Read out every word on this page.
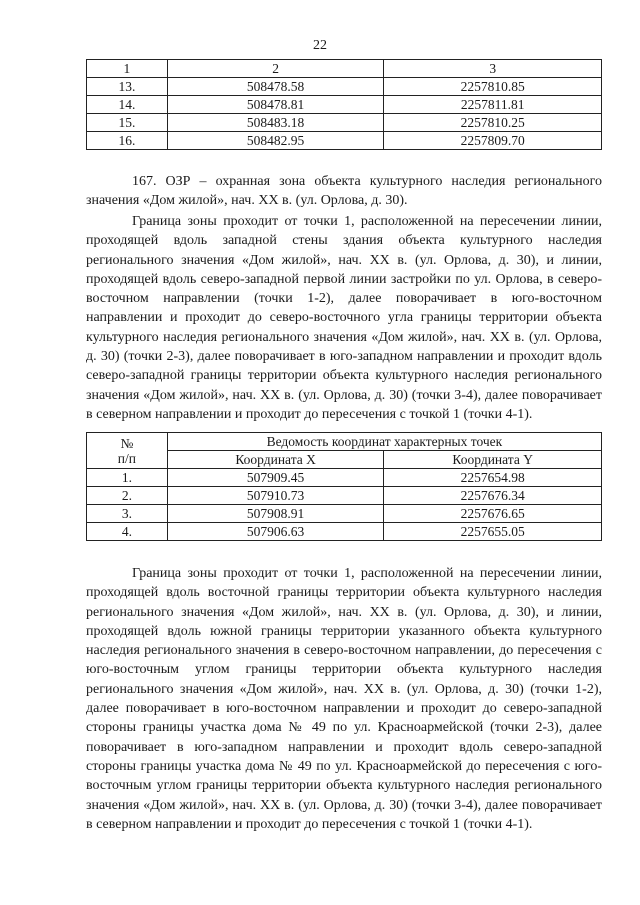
22
1	2	3
13.	508478.58	2257810.85
14.	508478.81	2257811.81
15.	508483.18	2257810.25
16.	508482.95	2257809.70

167. ОЗР – охранная зона объекта культурного наследия регионального значения «Дом жилой», нач. XX в. (ул. Орлова, д. 30).

Граница зоны проходит от точки 1, расположенной на пересечении линии, проходящей вдоль западной стены здания объекта культурного наследия регионального значения «Дом жилой», нач. XX в. (ул. Орлова, д. 30), и линии, проходящей вдоль северо-западной первой линии застройки по ул. Орлова, в северо-восточном направлении (точки 1-2), далее поворачивает в юго-восточном направлении и проходит до северо-восточного угла границы территории объекта культурного наследия регионального значения «Дом жилой», нач. XX в. (ул. Орлова, д. 30) (точки 2-3), далее поворачивает в юго-западном направлении и проходит вдоль северо-западной границы территории объекта культурного наследия регионального значения «Дом жилой», нач. XX в. (ул. Орлова, д. 30) (точки 3-4), далее поворачивает в северном направлении и проходит до пересечения с точкой 1 (точки 4-1).

№
п/п	Ведомость координат характерных точек	
	Координата X	Координата Y
1.	507909.45	2257654.98
2.	507910.73	2257676.34
3.	507908.91	2257676.65
4.	507906.63	2257655.05

Граница зоны проходит от точки 1, расположенной на пересечении линии, проходящей вдоль восточной границы территории объекта культурного наследия регионального значения «Дом жилой», нач. XX в. (ул. Орлова, д. 30), и линии, проходящей вдоль южной границы территории указанного объекта культурного наследия регионального значения в северо-восточном направлении, до пересечения с юго-восточным углом границы территории объекта культурного наследия регионального значения «Дом жилой», нач. XX в. (ул. Орлова, д. 30) (точки 1-2), далее поворачивает в юго-восточном направлении и проходит до северо-западной стороны границы участка дома № 49 по ул. Красноармейской (точки 2-3), далее поворачивает в юго-западном направлении и проходит вдоль северо-западной стороны границы участка дома № 49 по ул. Красноармейской до пересечения с юго-восточным углом границы территории объекта культурного наследия регионального значения «Дом жилой», нач. XX в. (ул. Орлова, д. 30) (точки 3-4), далее поворачивает в северном направлении и проходит до пересечения с точкой 1 (точки 4-1).
